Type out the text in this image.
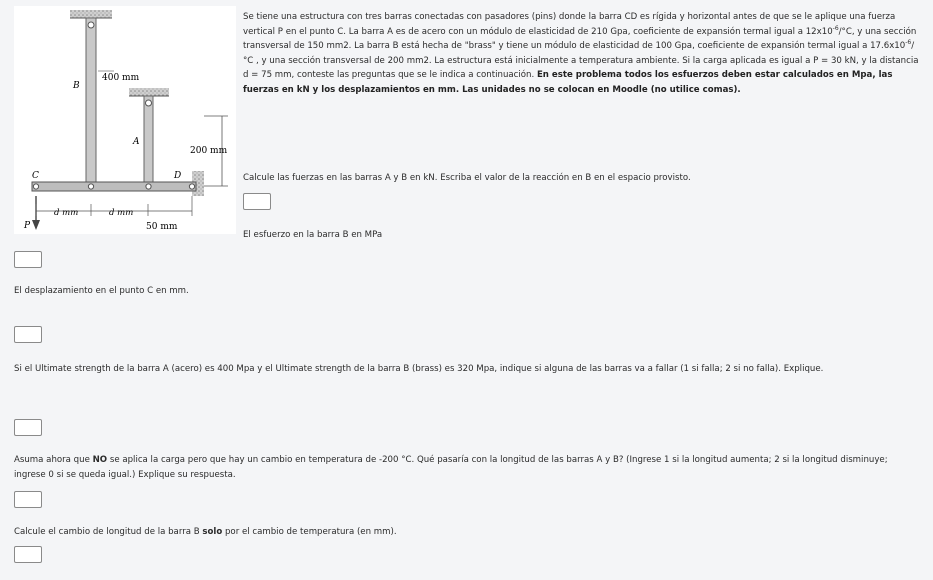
B
400 mm
A
200 mm
C	D
P
d mm	d mm
50 mm

Se tiene una estructura con tres barras conectadas con pasadores (pins) donde la barra CD es rígida y horizontal antes de que se le aplique una fuerza vertical P en el punto C. La barra A es de acero con un módulo de elasticidad de 210 Gpa, coeficiente de expansión termal igual a $12x10^{-6}/^\circ C$, y una sección transversal de 150 mm2. La barra B está hecha de "brass" y tiene un módulo de elasticidad de 100 Gpa, coeficiente de expansión termal igual a $17.6x10^{-6}/^\circ C$ , y una sección transversal de 200 mm2. La estructura está inicialmente a temperatura ambiente. Si la carga aplicada es igual a P = 30 kN, y la distancia d = 75 mm, conteste las preguntas que se le indica a continuación. En este problema todos los esfuerzos deben estar calculados en Mpa, las fuerzas en kN y los desplazamientos en mm. Las unidades no se colocan en Moodle (no utilice comas).

Calcule las fuerzas en las barras A y B en kN. Escriba el valor de la reacción en B en el espacio provisto.

El esfuerzo en la barra B en MPa

El desplazamiento en el punto C en mm.

Si el Ultimate strength de la barra A (acero) es 400 Mpa y el Ultimate strength de la barra B (brass) es 320 Mpa, indique si alguna de las barras va a fallar (1 si falla; 2 si no falla). Explique.

Asuma ahora que NO se aplica la carga pero que hay un cambio en temperatura de -200 °C. Qué pasaría con la longitud de las barras A y B? (Ingrese 1 si la longitud aumenta; 2 si la longitud disminuye; ingrese 0 si se queda igual.) Explique su respuesta.

Calcule el cambio de longitud de la barra B solo por el cambio de temperatura (en mm).
